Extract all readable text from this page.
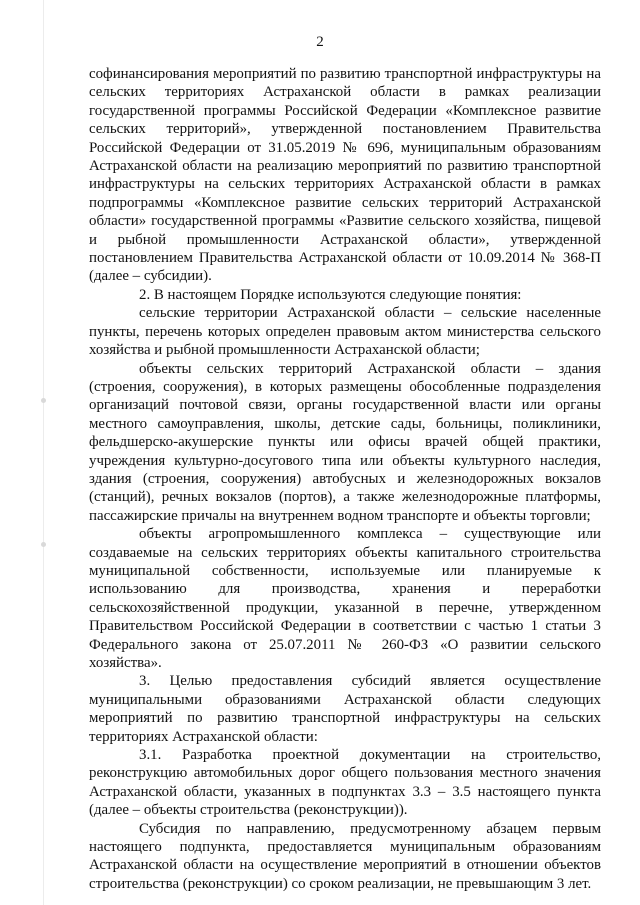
2

софинансирования мероприятий по развитию транспортной инфраструктуры на сельских территориях Астраханской области в рамках реализации государственной программы Российской Федерации «Комплексное развитие сельских территорий», утвержденной постановлением Правительства Российской Федерации от 31.05.2019 № 696, муниципальным образованиям Астраханской области на реализацию мероприятий по развитию транспортной инфраструктуры на сельских территориях Астраханской области в рамках подпрограммы «Комплексное развитие сельских территорий Астраханской области» государственной программы «Развитие сельского хозяйства, пищевой и рыбной промышленности Астраханской области», утвержденной постановлением Правительства Астраханской области от 10.09.2014 № 368-П (далее – субсидии).

2. В настоящем Порядке используются следующие понятия:

сельские территории Астраханской области – сельские населенные пункты, перечень которых определен правовым актом министерства сельского хозяйства и рыбной промышленности Астраханской области;

объекты сельских территорий Астраханской области – здания (строения, сооружения), в которых размещены обособленные подразделения организаций почтовой связи, органы государственной власти или органы местного самоуправления, школы, детские сады, больницы, поликлиники, фельдшерско-акушерские пункты или офисы врачей общей практики, учреждения культурно-досугового типа или объекты культурного наследия, здания (строения, сооружения) автобусных и железнодорожных вокзалов (станций), речных вокзалов (портов), а также железнодорожные платформы, пассажирские причалы на внутреннем водном транспорте и объекты торговли;

объекты агропромышленного комплекса – существующие или создаваемые на сельских территориях объекты капитального строительства муниципальной собственности, используемые или планируемые к использованию для производства, хранения и переработки сельскохозяйственной продукции, указанной в перечне, утвержденном Правительством Российской Федерации в соответствии с частью 1 статьи 3 Федерального закона от 25.07.2011 № 260-ФЗ «О развитии сельского хозяйства».

3. Целью предоставления субсидий является осуществление муниципальными образованиями Астраханской области следующих мероприятий по развитию транспортной инфраструктуры на сельских территориях Астраханской области:

3.1. Разработка проектной документации на строительство, реконструкцию автомобильных дорог общего пользования местного значения Астраханской области, указанных в подпунктах 3.3 – 3.5 настоящего пункта (далее – объекты строительства (реконструкции)).

Субсидия по направлению, предусмотренному абзацем первым настоящего подпункта, предоставляется муниципальным образованиям Астраханской области на осуществление мероприятий в отношении объектов строительства (реконструкции) со сроком реализации, не превышающим 3 лет.
